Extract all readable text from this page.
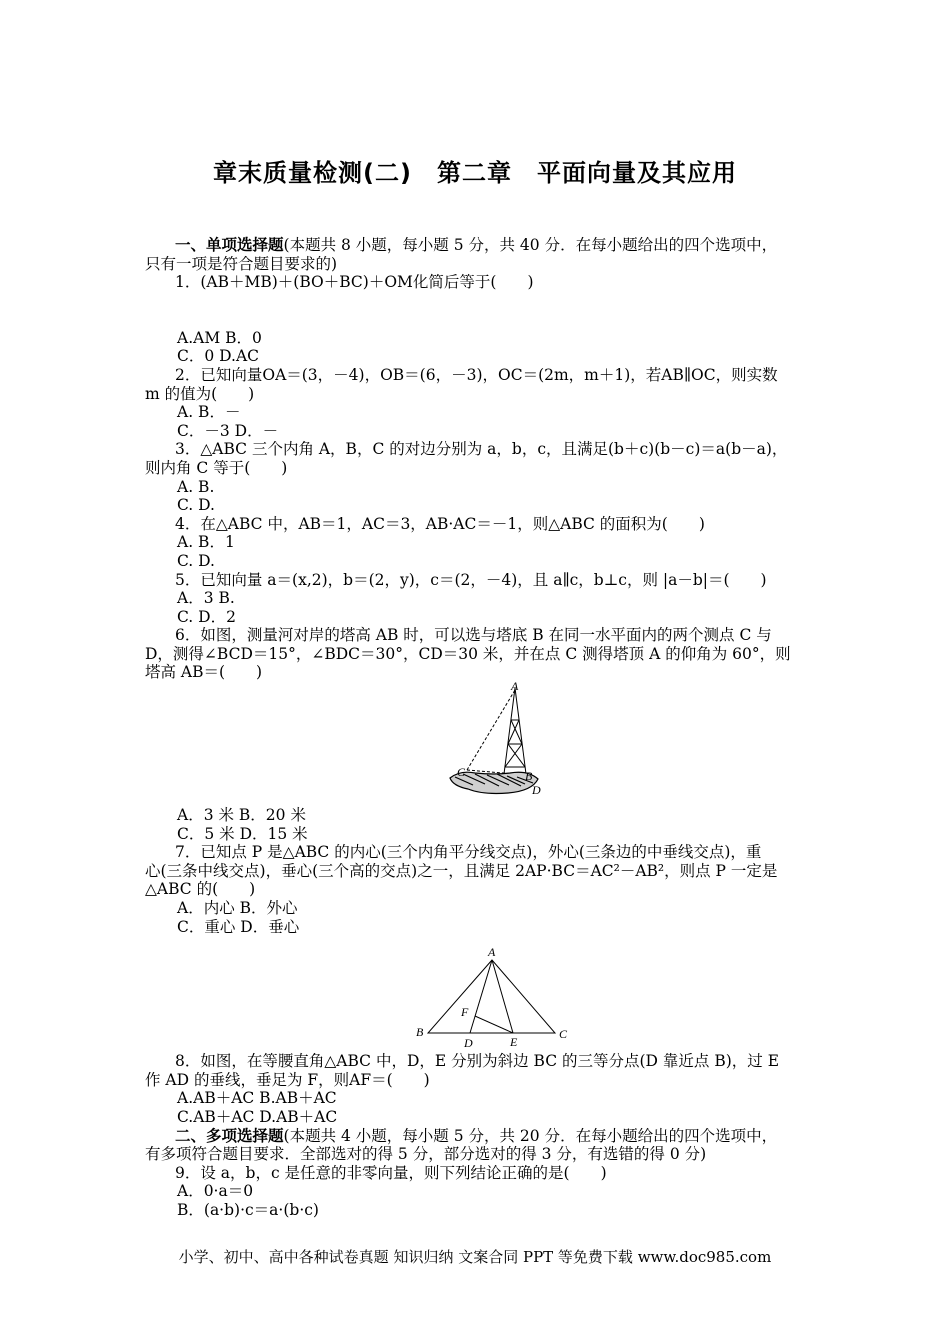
章末质量检测(二)　第二章　平面向量及其应用
一、单项选择题(本题共 8 小题，每小题 5 分，共 40 分．在每小题给出的四个选项中，
只有一项是符合题目要求的)
1．(AB＋MB)＋(BO＋BC)＋OM化简后等于(　　)
A.AM B．0
C．0 D.AC
2．已知向量OA＝(3，－4)，OB＝(6，－3)，OC＝(2m，m＋1)，若AB∥OC，则实数
m 的值为(　　)
A. B．－
C．－3 D．－
3．△ABC 三个内角 A，B，C 的对边分别为 a，b，c，且满足(b＋c)(b－c)＝a(b－a)，
则内角 C 等于(　　)
A. B.
C. D.
4．在△ABC 中，AB＝1，AC＝3，AB·AC＝－1，则△ABC 的面积为(　　)
A. B．1
C. D.
5．已知向量 a＝(x,2)，b＝(2，y)，c＝(2，－4)，且 a∥c，b⊥c，则 |a－b|＝(　　)
A．3 B.
C. D．2
6．如图，测量河对岸的塔高 AB 时，可以选与塔底 B 在同一水平面内的两个测点 C 与
D，测得∠BCD＝15°，∠BDC＝30°，CD＝30 米，并在点 C 测得塔顶 A 的仰角为 60°，则
塔高 AB＝(　　)
A
C	B
D
A．3 米 B．20 米
C．5 米 D．15 米
7．已知点 P 是△ABC 的内心(三个内角平分线交点)，外心(三条边的中垂线交点)，重
心(三条中线交点)，垂心(三个高的交点)之一，且满足 2AP·BC＝AC²－AB²，则点 P 一定是
△ABC 的(　　)
A．内心 B．外心
C．重心 D．垂心
A
B	C
D	E
F
8．如图，在等腰直角△ABC 中，D，E 分别为斜边 BC 的三等分点(D 靠近点 B)，过 E
作 AD 的垂线，垂足为 F，则AF＝(　　)
A.AB＋AC B.AB＋AC
C.AB＋AC D.AB＋AC
二、多项选择题(本题共 4 小题，每小题 5 分，共 20 分．在每小题给出的四个选项中，
有多项符合题目要求．全部选对的得 5 分，部分选对的得 3 分，有选错的得 0 分)
9．设 a，b，c 是任意的非零向量，则下列结论正确的是(　　)
A．0·a＝0
B．(a·b)·c＝a·(b·c)
小学、初中、高中各种试卷真题 知识归纳 文案合同 PPT 等免费下载 www.doc985.com
